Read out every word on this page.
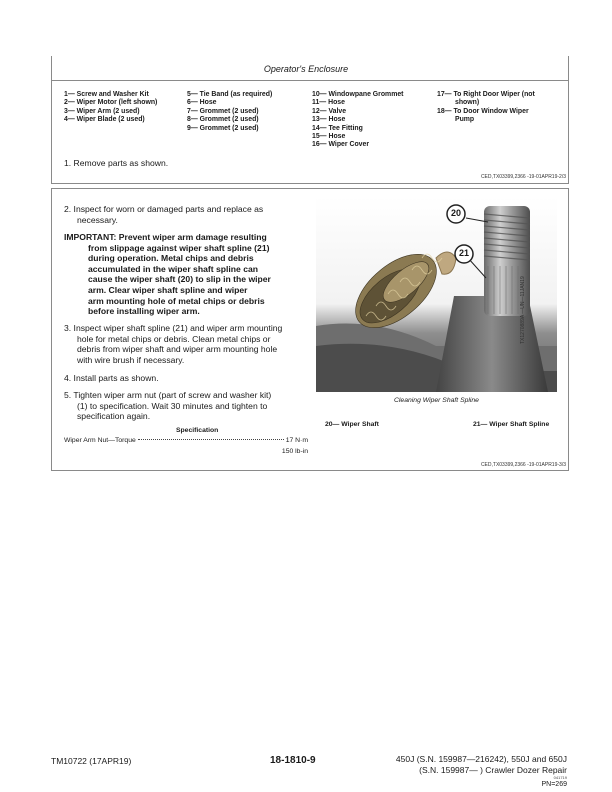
Operator's Enclosure
1— Screw and Washer Kit
2— Wiper Motor (left shown)
3— Wiper Arm (2 used)
4— Wiper Blade (2 used)
5— Tie Band (as required)
6— Hose
7— Grommet (2 used)
8— Grommet (2 used)
9— Grommet (2 used)
10— Windowpane Grommet
11— Hose
12— Valve
13— Hose
14— Tee Fitting
15— Hose
16— Wiper Cover
17— To Right Door Wiper (not
shown)
18— To Door Window Wiper
Pump
1. Remove parts as shown.
CED,TX03399,2366 -19-01APR19-2/3
2. Inspect for worn or damaged parts and replace as
necessary.
IMPORTANT: Prevent wiper arm damage resulting
from slippage against wiper shaft spline (21)
during operation. Metal chips and debris
accumulated in the wiper shaft spline can
cause the wiper shaft (20) to slip in the wiper
arm. Clear wiper shaft spline and wiper
arm mounting hole of metal chips or debris
before installing wiper arm.
3. Inspect wiper shaft spline (21) and wiper arm mounting
hole for metal chips or debris. Clean metal chips or
debris from wiper shaft and wiper arm mounting hole
with wire brush if necessary.
4. Install parts as shown.
5. Tighten wiper arm nut (part of screw and washer kit)
(1) to specification. Wait 30 minutes and tighten to
specification again.
Specification
Wiper Arm Nut—Torque	17 N·m
150 lb-in
20
21
TX1270889A —UN—11JAN19
Cleaning Wiper Shaft Spline
20— Wiper Shaft	21— Wiper Shaft Spline
CED,TX03399,2366 -19-01APR19-3/3
TM10722 (17APR19)	18-1810-9	450J (S.N. 159987—216242), 550J and 650J
(S.N. 159987— ) Crawler Dozer Repair
041719
PN=269
